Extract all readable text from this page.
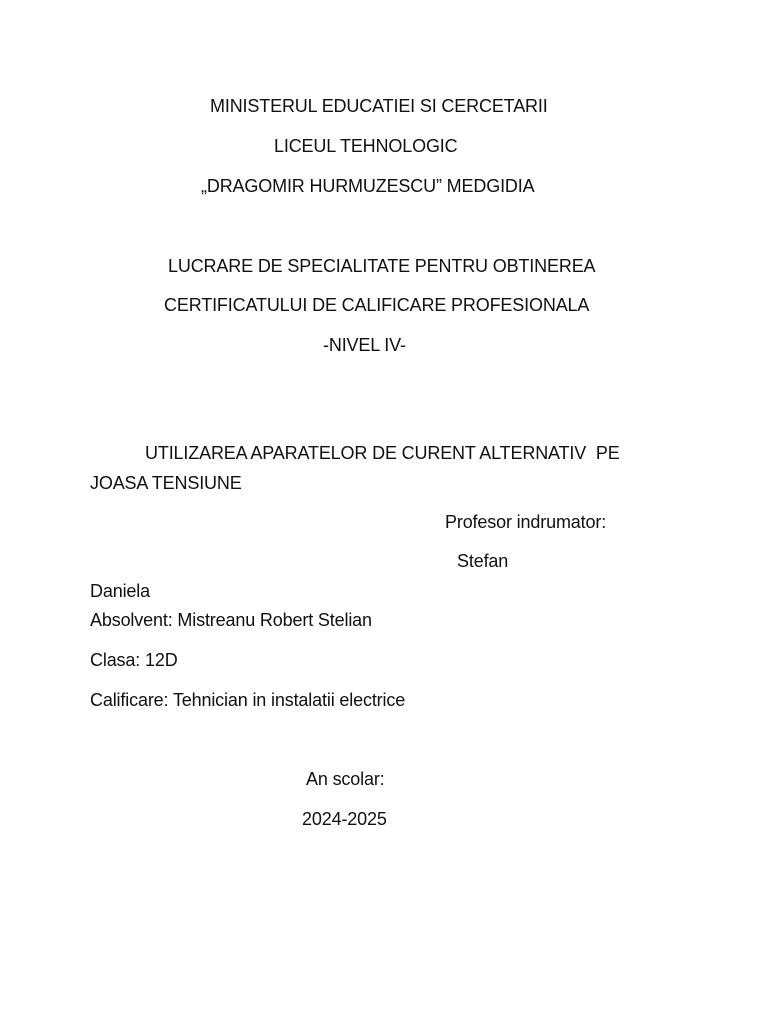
MINISTERUL EDUCATIEI SI CERCETARII
LICEUL TEHNOLOGIC
„DRAGOMIR HURMUZESCU” MEDGIDIA
LUCRARE DE SPECIALITATE PENTRU OBTINEREA
CERTIFICATULUI DE CALIFICARE PROFESIONALA
-NIVEL IV-
UTILIZAREA APARATELOR DE CURENT ALTERNATIV  PE
JOASA TENSIUNE
Profesor indrumator:
Stefan
Daniela
Absolvent: Mistreanu Robert Stelian
Clasa: 12D
Calificare: Tehnician in instalatii electrice
An scolar:
2024-2025
